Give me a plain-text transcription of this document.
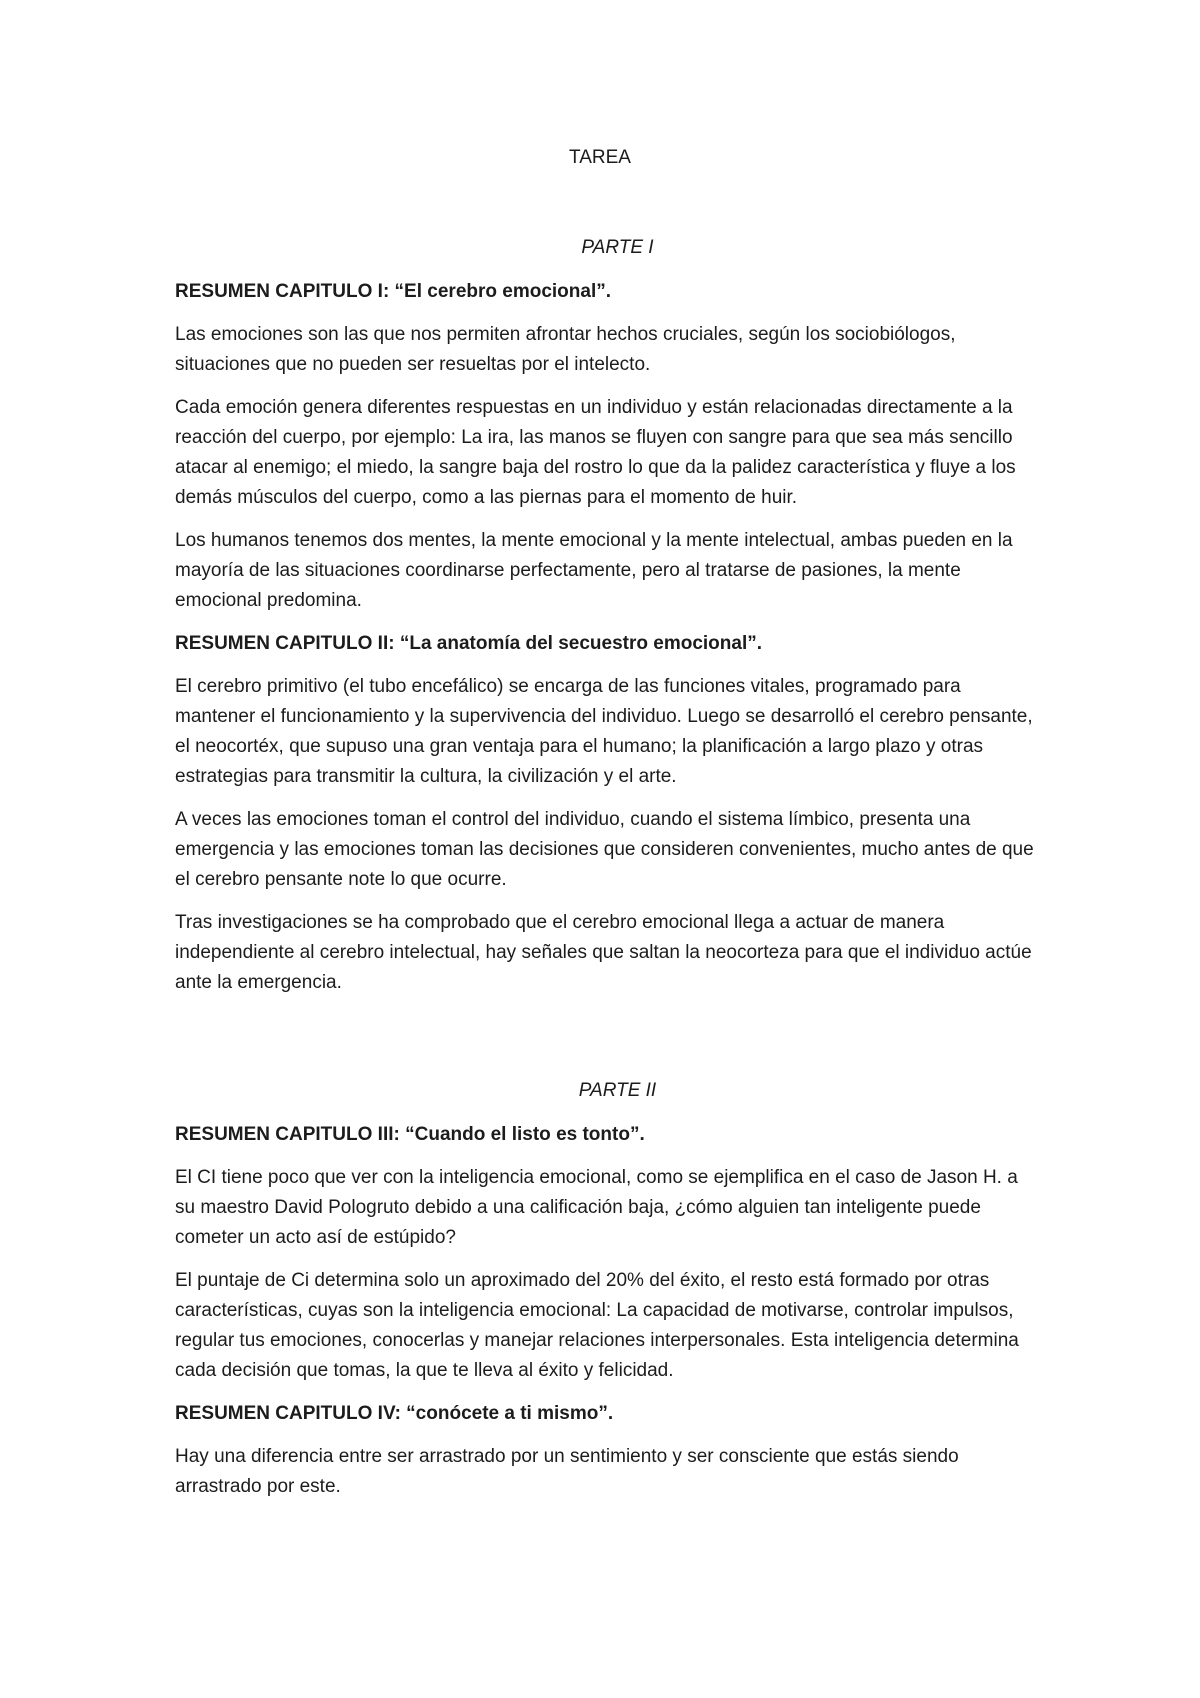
TAREA

PARTE I

RESUMEN CAPITULO I: “El cerebro emocional”.

Las emociones son las que nos permiten afrontar hechos cruciales, según los sociobiólogos, situaciones que no pueden ser resueltas por el intelecto.

Cada emoción genera diferentes respuestas en un individuo y están relacionadas directamente a la reacción del cuerpo, por ejemplo: La ira, las manos se fluyen con sangre para que sea más sencillo atacar al enemigo; el miedo, la sangre baja del rostro lo que da la palidez característica y fluye a los demás músculos del cuerpo, como a las piernas para el momento de huir.

Los humanos tenemos dos mentes, la mente emocional y la mente intelectual, ambas pueden en la mayoría de las situaciones coordinarse perfectamente, pero al tratarse de pasiones, la mente emocional predomina.

RESUMEN CAPITULO II: “La anatomía del secuestro emocional”.

El cerebro primitivo (el tubo encefálico) se encarga de las funciones vitales, programado para mantener el funcionamiento y la supervivencia del individuo. Luego se desarrolló el cerebro pensante, el neocortéx, que supuso una gran ventaja para el humano; la planificación a largo plazo y otras estrategias para transmitir la cultura, la civilización y el arte.

A veces las emociones toman el control del individuo, cuando el sistema límbico, presenta una emergencia y las emociones toman las decisiones que consideren convenientes, mucho antes de que el cerebro pensante note lo que ocurre.

Tras investigaciones se ha comprobado que el cerebro emocional llega a actuar de manera independiente al cerebro intelectual, hay señales que saltan la neocorteza para que el individuo actúe ante la emergencia.

PARTE II

RESUMEN CAPITULO III: “Cuando el listo es tonto”.

El CI tiene poco que ver con la inteligencia emocional, como se ejemplifica en el caso de Jason H. a su maestro David Pologruto debido a una calificación baja, ¿cómo alguien tan inteligente puede cometer un acto así de estúpido?

El puntaje de Ci determina solo un aproximado del 20% del éxito, el resto está formado por otras características, cuyas son la inteligencia emocional: La capacidad de motivarse, controlar impulsos, regular tus emociones, conocerlas y manejar relaciones interpersonales. Esta inteligencia determina cada decisión que tomas, la que te lleva al éxito y felicidad.

RESUMEN CAPITULO IV: “conócete a ti mismo”.

Hay una diferencia entre ser arrastrado por un sentimiento y ser consciente que estás siendo arrastrado por este.
